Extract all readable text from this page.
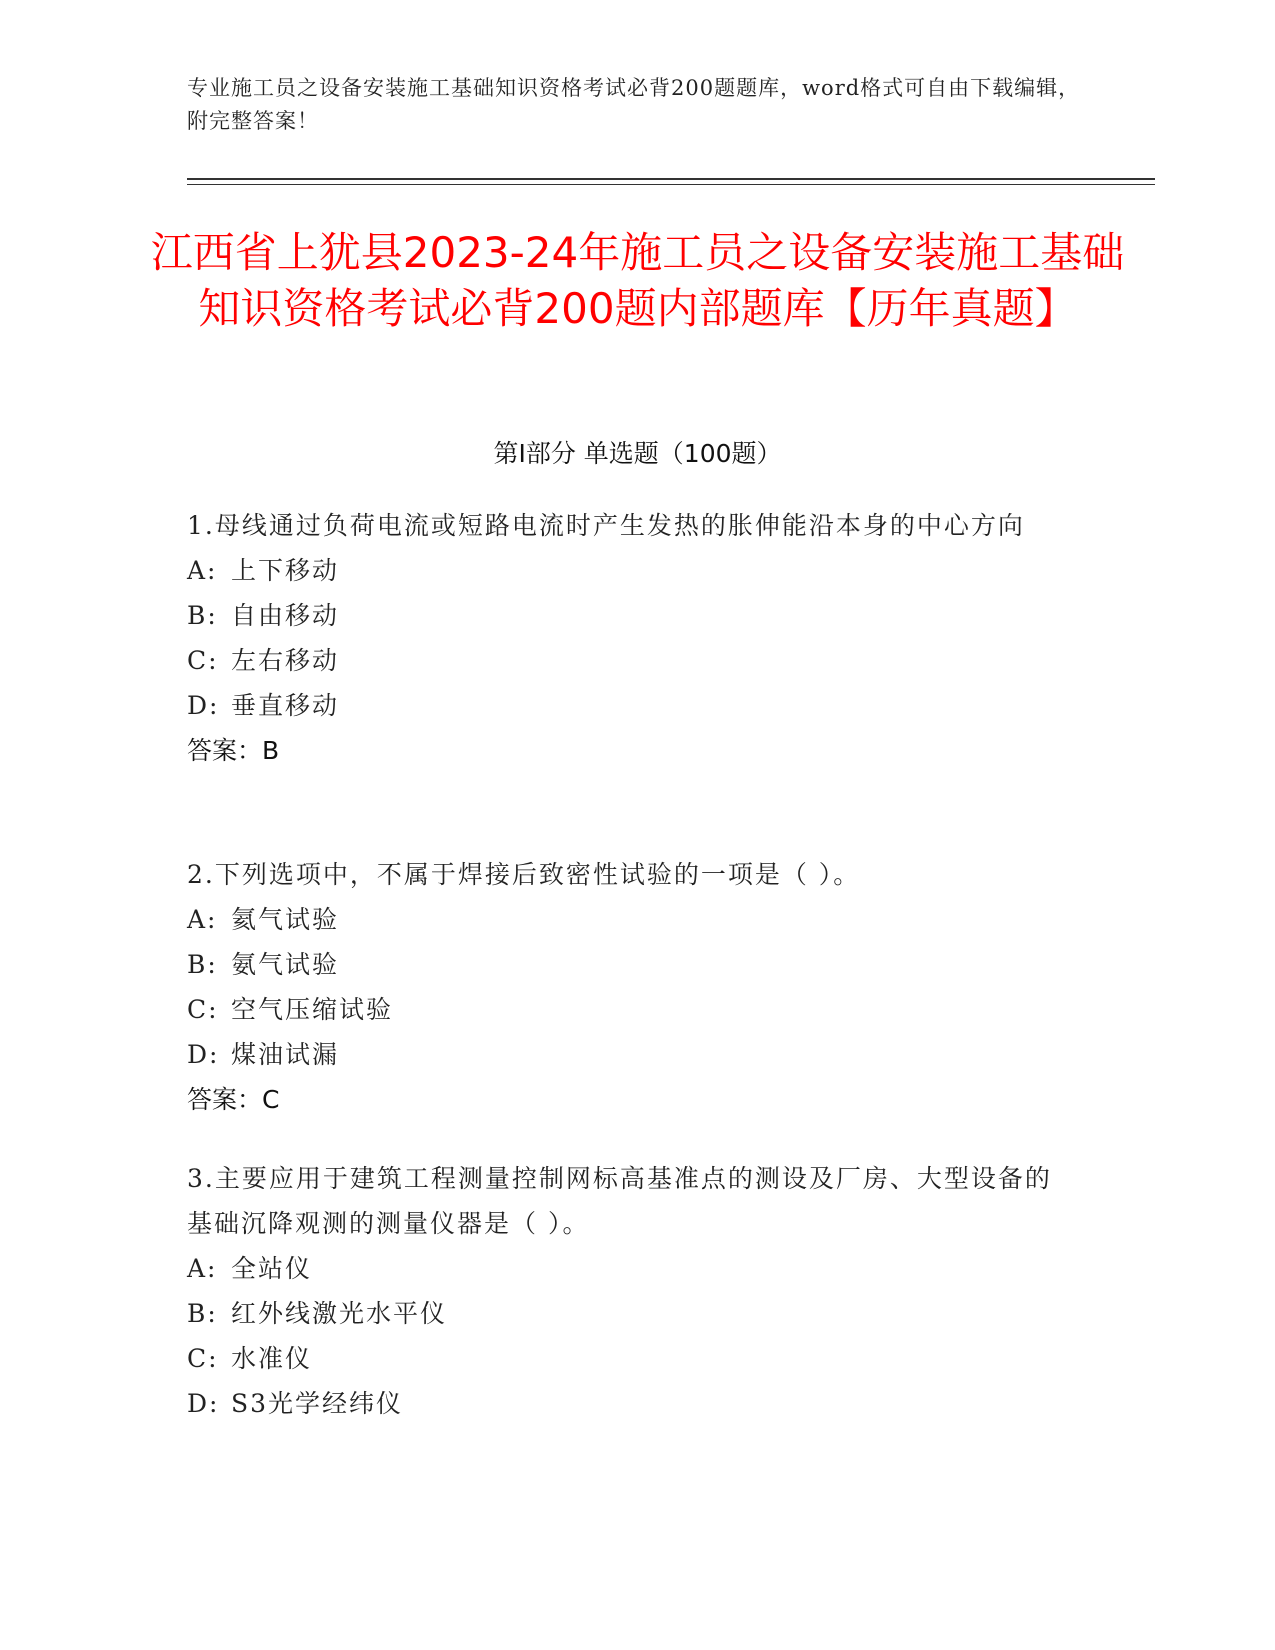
专业施工员之设备安装施工基础知识资格考试必背200题题库，word格式可自由下载编辑，附完整答案！
江西省上犹县2023-24年施工员之设备安装施工基础知识资格考试必背200题内部题库【历年真题】
第Ⅰ部分 单选题（100题）
1.母线通过负荷电流或短路电流时产生发热的胀伸能沿本身的中心方向
A: 上下移动
B: 自由移动
C: 左右移动
D: 垂直移动
答案：B
2.下列选项中，不属于焊接后致密性试验的一项是（ ）。
A: 氦气试验
B: 氨气试验
C: 空气压缩试验
D: 煤油试漏
答案：C
3.主要应用于建筑工程测量控制网标高基准点的测设及厂房、大型设备的基础沉降观测的测量仪器是（ ）。
A: 全站仪
B: 红外线激光水平仪
C: 水准仪
D: S3光学经纬仪
